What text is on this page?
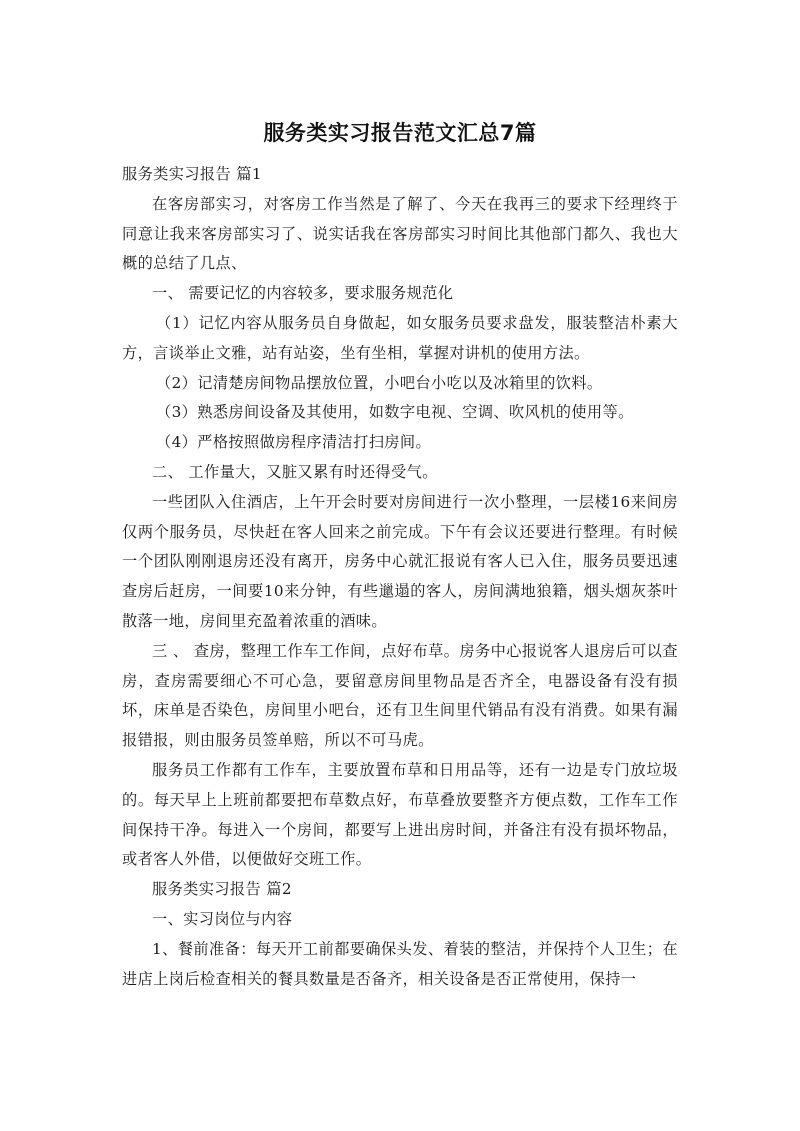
服务类实习报告范文汇总7篇

服务类实习报告 篇1

在客房部实习，对客房工作当然是了解了、今天在我再三的要求下经理终于同意让我来客房部实习了、说实话我在客房部实习时间比其他部门都久、我也大概的总结了几点、

一、 需要记忆的内容较多，要求服务规范化

（1）记忆内容从服务员自身做起，如女服务员要求盘发，服装整洁朴素大方，言谈举止文雅，站有站姿，坐有坐相，掌握对讲机的使用方法。

（2）记清楚房间物品摆放位置，小吧台小吃以及冰箱里的饮料。

（3）熟悉房间设备及其使用，如数字电视、空调、吹风机的使用等。

（4）严格按照做房程序清洁打扫房间。

二、 工作量大，又脏又累有时还得受气。

一些团队入住酒店，上午开会时要对房间进行一次小整理，一层楼16来间房仅两个服务员，尽快赶在客人回来之前完成。下午有会议还要进行整理。有时候一个团队刚刚退房还没有离开，房务中心就汇报说有客人已入住，服务员要迅速查房后赶房，一间要10来分钟，有些邋遢的客人，房间满地狼籍，烟头烟灰茶叶散落一地，房间里充盈着浓重的酒味。

三 、 查房，整理工作车工作间，点好布草。房务中心报说客人退房后可以查房，查房需要细心不可心急，要留意房间里物品是否齐全，电器设备有没有损坏，床单是否染色，房间里小吧台，还有卫生间里代销品有没有消费。如果有漏报错报，则由服务员签单赔，所以不可马虎。

服务员工作都有工作车，主要放置布草和日用品等，还有一边是专门放垃圾的。每天早上上班前都要把布草数点好，布草叠放要整齐方便点数，工作车工作间保持干净。每进入一个房间，都要写上进出房时间，并备注有没有损坏物品，或者客人外借，以便做好交班工作。

服务类实习报告 篇2

一、实习岗位与内容

1、餐前准备：每天开工前都要确保头发、着装的整洁，并保持个人卫生；在进店上岗后检查相关的餐具数量是否备齐，相关设备是否正常使用，保持一
